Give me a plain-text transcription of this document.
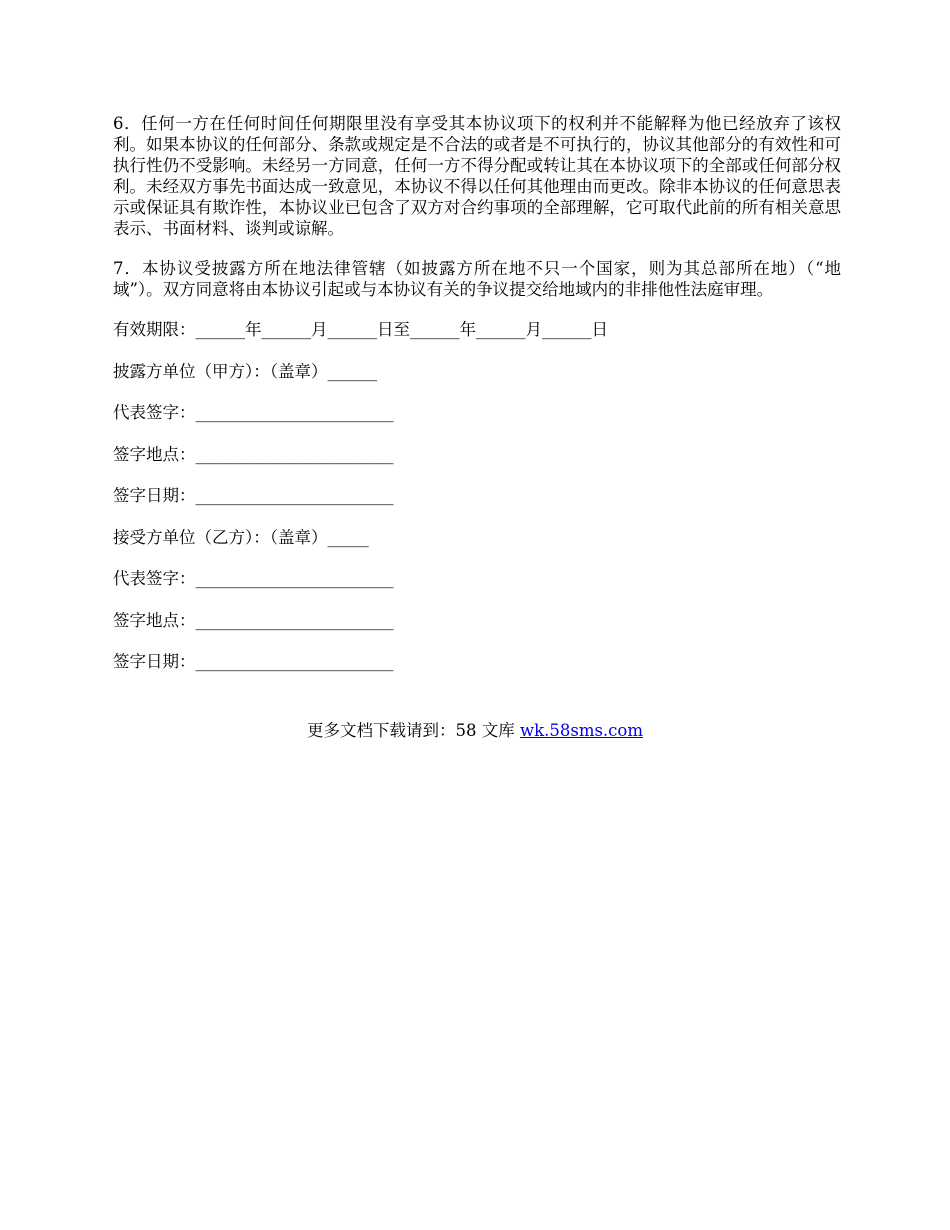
6．任何一方在任何时间任何期限里没有享受其本协议项下的权利并不能解释为他已经放弃了该权利。如果本协议的任何部分、条款或规定是不合法的或者是不可执行的，协议其他部分的有效性和可执行性仍不受影响。未经另一方同意，任何一方不得分配或转让其在本协议项下的全部或任何部分权利。未经双方事先书面达成一致意见，本协议不得以任何其他理由而更改。除非本协议的任何意思表示或保证具有欺诈性，本协议业已包含了双方对合约事项的全部理解，它可取代此前的所有相关意思表示、书面材料、谈判或谅解。

7．本协议受披露方所在地法律管辖（如披露方所在地不只一个国家，则为其总部所在地）（“地域”）。双方同意将由本协议引起或与本协议有关的争议提交给地域内的非排他性法庭审理。

有效期限：______年______月______日至______年______月______日
披露方单位（甲方）：（盖章）______
代表签字：________________________
签字地点：________________________
签字日期：________________________
接受方单位（乙方）：（盖章）_____
代表签字：________________________
签字地点：________________________
签字日期：________________________
更多文档下载请到：58 文库 wk.58sms.com
